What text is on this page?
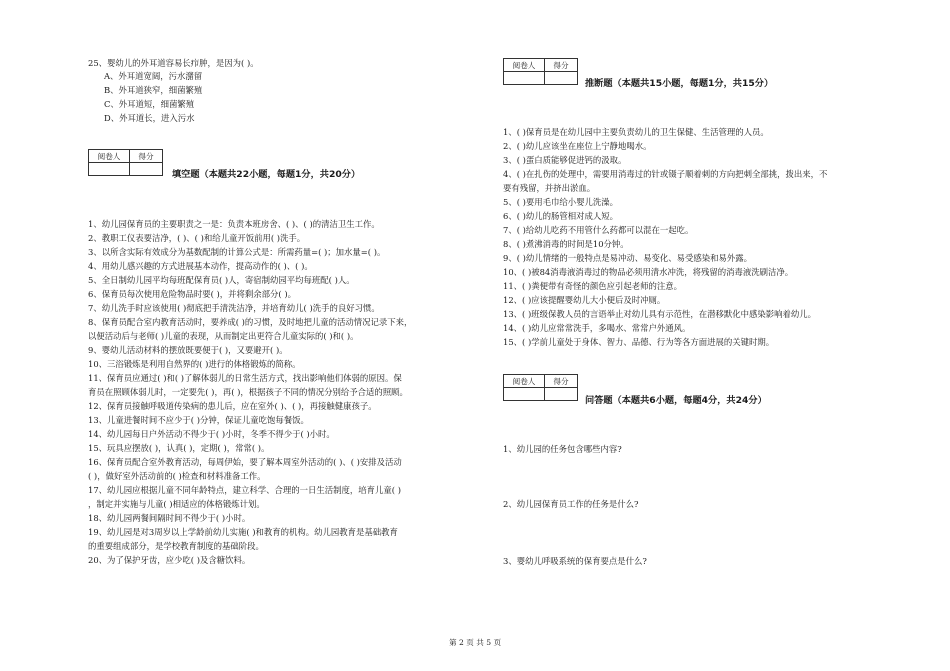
25、婴幼儿的外耳道容易长疖肿，是因为( )。
A、外耳道宽阔，污水潴留
B、外耳道狭窄，细菌繁殖
C、外耳道短，细菌繁殖
D、外耳道长，进入污水
阅卷人	得分

填空题（本题共22小题，每题1分，共20分）
1、幼儿园保育员的主要职责之一是：负责本班房舍、( )、( )的清洁卫生工作。
2、教职工仪表要洁净，( )、( )和给儿童开饭前用( )洗手。
3、以所含实际有效成分为基数配制的计算公式是：所需药量=( )；加水量=( )。
4、用幼儿感兴趣的方式进展基本动作，提高动作的( )、( )。
5、全日制幼儿园平均每班配保育员( )人，寄宿制幼园平均每班配( )人。
6、保育员每次使用危险物品时要( )，并将剩余部分( )。
7、幼儿洗手时应该使用( )彻底把手清洗洁净，并培育幼儿( )洗手的良好习惯。
8、保育员配合室内教育活动时，要养成( )的习惯，及时地把儿童的活动情况记录下来，
以便活动后与老师( )儿童的表现，从而制定出更符合儿童实际的( )和( )。
9、婴幼儿活动材料的摆放既要便于( )，又要避开( )。
10、三浴锻炼是利用自然界的( )进行的体格锻炼的简称。
11、保育员应通过( )和( )了解体弱儿的日常生活方式，找出影响他们体弱的原因。保
育员在照顾体弱儿时，一定要先( )，再( )，根据孩子不同的情况分别给予合适的照顾。
12、保育员接触呼吸道传染病的患儿后，应在室外( )、( )，再接触健康孩子。
13、儿童进餐时间不应少于( )分钟，保证儿童吃饱每餐饭。
14、幼儿园每日户外活动不得少于( )小时，冬季不得少于( )小时。
15、玩具应摆放( )，认真( )，定期( )，常常( )。
16、保育员配合室外教育活动，每周伊始，要了解本周室外活动的( )、( )安排及活动
( )，做好室外活动前的( )检查和材料准备工作。
17、幼儿园应根据儿童不同年龄特点，建立科学、合理的一日生活制度，培育儿童( )
，制定并实施与儿童( )相适应的体格锻炼计划。
18、幼儿园两餐间隔时间不得少于( )小时。
19、幼儿园是对3周岁以上学龄前幼儿实施( )和教育的机构。幼儿园教育是基础教育
的重要组成部分，是学校教育制度的基础阶段。
20、为了保护牙齿，应少吃( )及含糖饮料。
阅卷人	得分

推断题（本题共15小题，每题1分，共15分）
1、( )保育员是在幼儿园中主要负责幼儿的卫生保健、生活管理的人员。
2、( )幼儿应该坐在座位上宁静地喝水。
3、( )蛋白质能够促进钙的汲取。
4、( )在扎伤的处理中，需要用消毒过的针或镊子顺着刺的方向把刺全部挑，拨出来，不
要有残留，并挤出淤血。
5、( )要用毛巾给小婴儿洗澡。
6、( )幼儿的肠管相对成人短。
7、( )给幼儿吃药不用管什么药都可以混在一起吃。
8、( )煮沸消毒的时间是10分钟。
9、( )幼儿情绪的一般特点是易冲动、易变化、易受感染和易外露。
10、( )被84消毒液消毒过的物品必须用清水冲洗，将残留的消毒液洗刷洁净。
11、( )粪便带有奇怪的颜色应引起老师的注意。
12、( )应该提醒婴幼儿大小便后及时冲厕。
13、( )班级保教人员的言语举止对幼儿具有示范性，在潜移默化中感染影响着幼儿。
14、( )幼儿应常常洗手，多喝水、常常户外通风。
15、( )学前儿童处于身体、智力、品德、行为等各方面进展的关键时期。
阅卷人	得分

问答题（本题共6小题，每题4分，共24分）
1、幼儿园的任务包含哪些内容?
2、幼儿园保育员工作的任务是什么?
3、婴幼儿呼吸系统的保育要点是什么?
第 2 页 共 5 页
